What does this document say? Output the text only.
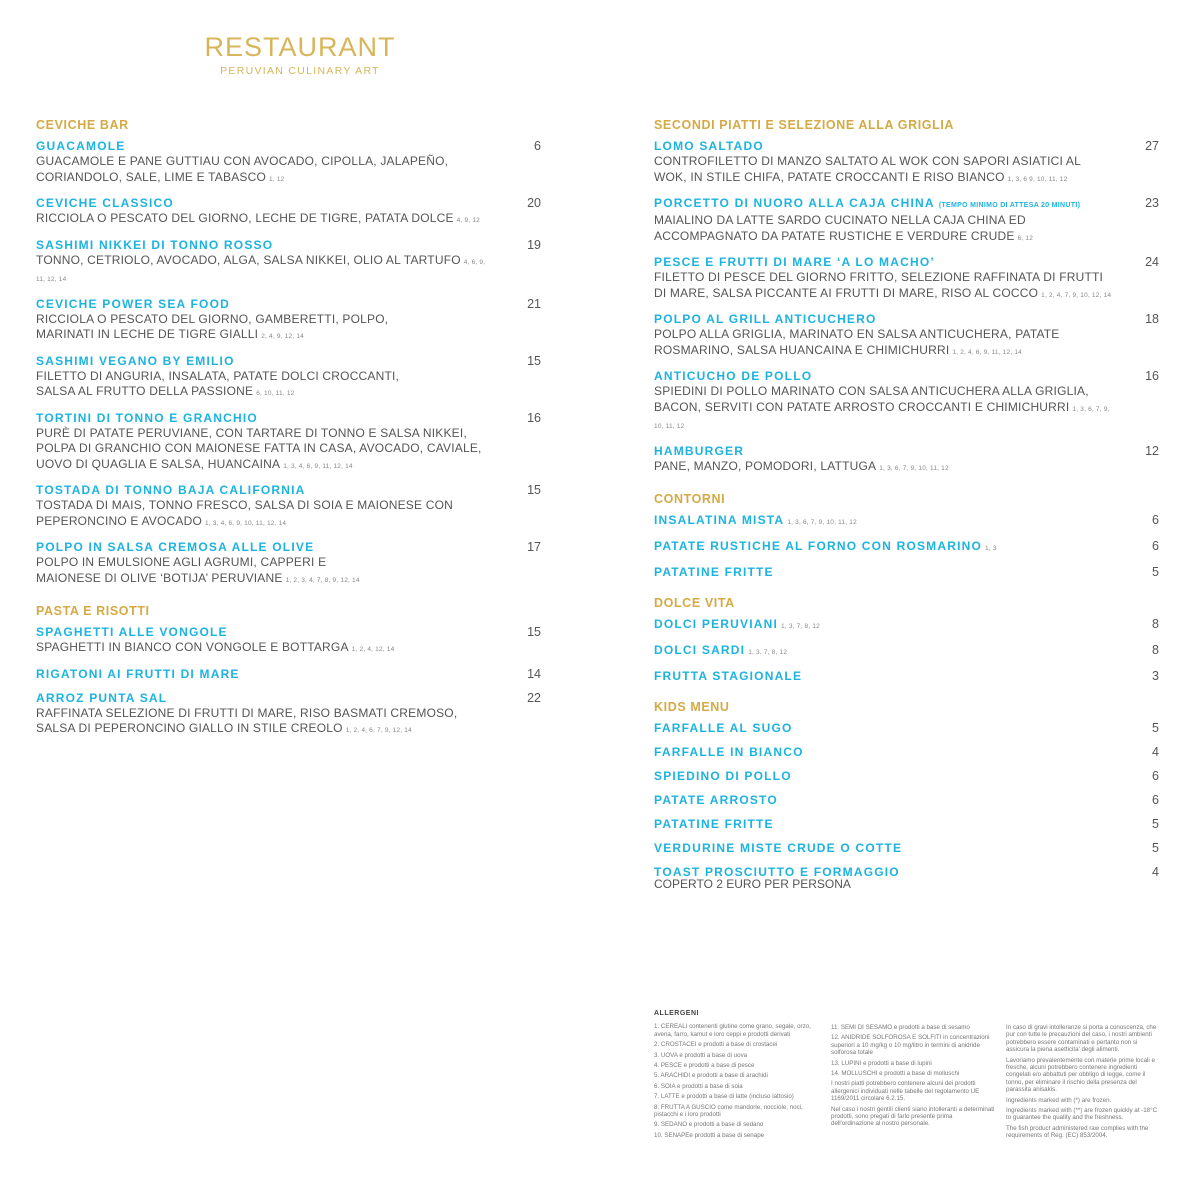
RESTAURANT
PERUVIAN CULINARY ART
CEVICHE BAR
GUACAMOLE	6
GUACAMOLE E PANE GUTTIAU CON AVOCADO, CIPOLLA, JALAPEÑO, CORIANDOLO, SALE, LIME E TABASCO 1, 12
CEVICHE CLASSICO	20
RICCIOLA O PESCATO DEL GIORNO, LECHE DE TIGRE, PATATA DOLCE 4, 9, 12
SASHIMI NIKKEI DI TONNO ROSSO	19
TONNO, CETRIOLO, AVOCADO, ALGA, SALSA NIKKEI, OLIO AL TARTUFO 4, 6, 9, 11, 12, 14
CEVICHE POWER SEA FOOD	21
RICCIOLA O PESCATO DEL GIORNO, GAMBERETTI, POLPO,
MARINATI IN LECHE DE TIGRE GIALLI 2, 4, 9, 12, 14
SASHIMI VEGANO BY EMILIO	15
FILETTO DI ANGURIA, INSALATA, PATATE DOLCI CROCCANTI,
SALSA AL FRUTTO DELLA PASSIONE 6, 10, 11, 12
TORTINI DI TONNO E GRANCHIO	16
PURÈ DI PATATE PERUVIANE, CON TARTARE DI TONNO E SALSA NIKKEI, POLPA DI GRANCHIO CON MAIONESE FATTA IN CASA, AVOCADO, CAVIALE, UOVO DI QUAGLIA E SALSA, HUANCAINA 1, 3, 4, 6, 9, 11, 12, 14
TOSTADA DI TONNO BAJA CALIFORNIA	15
TOSTADA DI MAIS, TONNO FRESCO, SALSA DI SOIA E MAIONESE CON PEPERONCINO E AVOCADO 1, 3, 4, 6, 9, 10, 11, 12, 14
POLPO IN SALSA CREMOSA ALLE OLIVE	17
POLPO IN EMULSIONE AGLI AGRUMI, CAPPERI E
MAIONESE DI OLIVE ‘BOTIJA’ PERUVIANE 1, 2, 3, 4, 7, 8, 9, 12, 14
PASTA E RISOTTI
SPAGHETTI ALLE VONGOLE	15
SPAGHETTI IN BIANCO CON VONGOLE E BOTTARGA 1, 2, 4, 12, 14
RIGATONI AI FRUTTI DI MARE	14
ARROZ PUNTA SAL	22
RAFFINATA SELEZIONE DI FRUTTI DI MARE, RISO BASMATI CREMOSO,
SALSA DI PEPERONCINO GIALLO IN STILE CREOLO 1, 2, 4, 6, 7, 9, 12, 14
SECONDI PIATTI E SELEZIONE ALLA GRIGLIA
LOMO SALTADO	27
CONTROFILETTO DI MANZO SALTATO AL WOK CON SAPORI ASIATICI AL WOK, IN STILE CHIFA, PATATE CROCCANTI E RISO BIANCO 1, 3, 6 9, 10, 11, 12
PORCETTO DI NUORO ALLA CAJA CHINA (TEMPO MINIMO DI ATTESA 20 MINUTI)	23
MAIALINO DA LATTE SARDO CUCINATO NELLA CAJA CHINA ED ACCOMPAGNATO DA PATATE RUSTICHE E VERDURE CRUDE 6, 12
PESCE E FRUTTI DI MARE ‘A LO MACHO’	24
FILETTO DI PESCE DEL GIORNO FRITTO, SELEZIONE RAFFINATA DI FRUTTI DI MARE, SALSA PICCANTE AI FRUTTI DI MARE, RISO AL COCCO 1, 2, 4, 7, 9, 10, 12, 14
POLPO AL GRILL ANTICUCHERO	18
POLPO ALLA GRIGLIA, MARINATO EN SALSA ANTICUCHERA, PATATE ROSMARINO, SALSA HUANCAINA E CHIMICHURRI 1, 2, 4, 6, 9, 11, 12, 14
ANTICUCHO DE POLLO	16
SPIEDINI DI POLLO MARINATO CON SALSA ANTICUCHERA ALLA GRIGLIA, BACON, SERVITI CON PATATE ARROSTO CROCCANTI E CHIMICHURRI 1, 3, 6, 7, 9, 10, 11, 12
HAMBURGER	12
PANE, MANZO, POMODORI, LATTUGA 1, 3, 6, 7, 9, 10, 11, 12
CONTORNI
INSALATINA MISTA 1, 3, 6, 7, 9, 10, 11, 12	6
PATATE RUSTICHE AL FORNO CON ROSMARINO 1, 3	6
PATATINE FRITTE	5
DOLCE VITA
DOLCI PERUVIANI 1, 3, 7, 8, 12	8
DOLCI SARDI 1, 3, 7, 8, 12	8
FRUTTA STAGIONALE	3
KIDS MENU
FARFALLE AL SUGO	5
FARFALLE IN BIANCO	4
SPIEDINO DI POLLO	6
PATATE ARROSTO	6
PATATINE FRITTE	5
VERDURINE MISTE CRUDE O COTTE	5
TOAST PROSCIUTTO E FORMAGGIO	4
COPERTO 2 EURO PER PERSONA

ALLERGENI

1. CEREALI contenenti glutine come grano, segale, orzo, avena, farro, kamut e loro ceppi e prodotti derivati

2. CROSTACEI e prodotti a base di crostacei

3. UOVA e prodotti a base di uova

4. PESCE e prodotti a base di pesce

5. ARACHIDI e prodotti a base di arachidi

6. SOIA e prodotti a base di soia

7. LATTE e prodotti a base di latte (incluso lattosio)

8. FRUTTA A GUSCIO come mandorle, nocciole, noci, pistacchi e i loro prodotti

9. SEDANO e prodotti a base di sedano

10. SENAPEe prodotti a base di senape

11. SEMI DI SESAMO e prodotti a base di sesamo

12. ANIDRIDE SOLFOROSA E SOLFITI in concentrazioni superiori a 10 mg/kg o 10 mg/litro in termini di anidride solforosa totale

13. LUPINI e prodotti a base di lupini

14. MOLLUSCHI e prodotti a base di molluschi

I nostri piatti potrebbero contenere alcuni dei prodotti allergenici individuati nelle tabelle del regolamento UE 1169/2011 circolare 6.2.15.

Nel caso i nostri gentili clienti siano intolleranti a determinati prodotti, sono pregati di farlo presente prima dell'ordinazione al nostro personale.

In caso di gravi intolleranze si porta a conoscenza, che pur con tutte le precauzioni del caso, i nostri ambienti potrebbero essere contaminati e pertanto non si assicura la piena asetticita' degli alimenti.

Lavoriamo prevalentemente con materie prime locali e fresche, alcuni potrebbero contenere ingredienti congelati e/o abbattuti per obbligo di legge, come il tonno, per eliminare il rischio della presenza del parassita anisakis.

Ingredients marked with (*) are frozen.

Ingredients marked with (**) are frozen quickly at -18°C to guarantee the quality and the freshness.

The fish product administered raw complies with the requirements of Reg. (EC) 853/2004.
